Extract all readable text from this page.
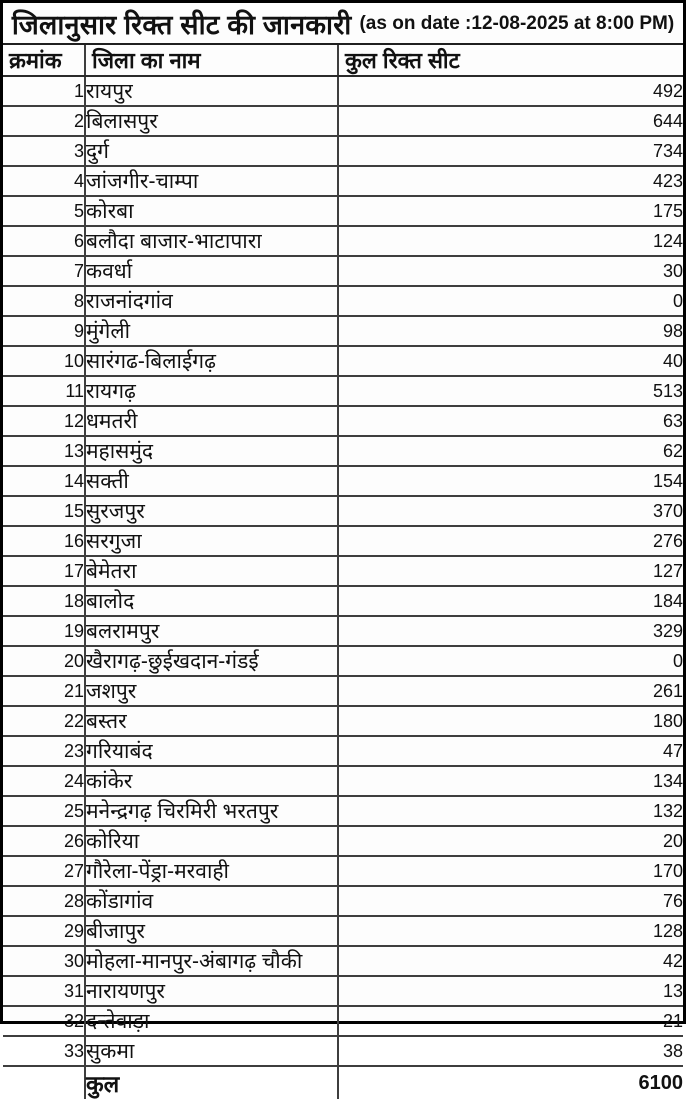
जिलानुसार रिक्त सीट की जानकारी (as on date :12-08-2025 at 8:00 PM)
क्रमांक	जिला का नाम	कुल रिक्त सीट
1	रायपुर	492
2	बिलासपुर	644
3	दुर्ग	734
4	जांजगीर-चाम्पा	423
5	कोरबा	175
6	बलौदा बाजार-भाटापारा	124
7	कवर्धा	30
8	राजनांदगांव	0
9	मुंगेली	98
10	सारंगढ-बिलाईगढ़	40
11	रायगढ़	513
12	धमतरी	63
13	महासमुंद	62
14	सक्ती	154
15	सुरजपुर	370
16	सरगुजा	276
17	बेमेतरा	127
18	बालोद	184
19	बलरामपुर	329
20	खैरागढ़-छुईखदान-गंडई	0
21	जशपुर	261
22	बस्तर	180
23	गरियाबंद	47
24	कांकेर	134
25	मनेन्द्रगढ़ चिरमिरी भरतपुर	132
26	कोरिया	20
27	गौरेला-पेंड्रा-मरवाही	170
28	कोंडागांव	76
29	बीजापुर	128
30	मोहला-मानपुर-अंबागढ़ चौकी	42
31	नारायणपुर	13
32	दन्तेवाड़ा	21
33	सुकमा	38
	कुल	6100
